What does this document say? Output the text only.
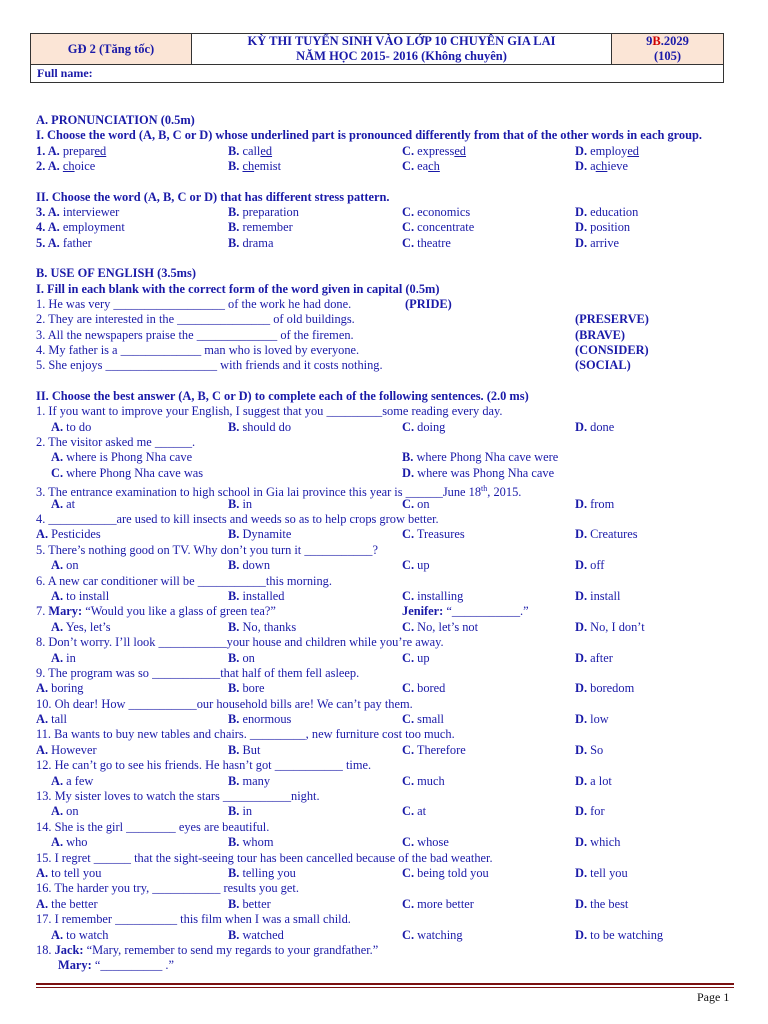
GĐ 2 (Tăng tốc)	
KỲ THI TUYỂN SINH VÀO LỚP 10 CHUYÊN GIA LAI
NĂM HỌC 2015- 2016 (Không chuyên)

9B.2029
(105)

Full name:
A. PRONUNCIATION (0.5m)
I. Choose the word (A, B, C or D) whose underlined part is pronounced differently from that of the other words in each group.
1. A. prepared	B. called	C. expressed	D. employed
2. A. choice	B. chemist	C. each	D. achieve
II. Choose the word (A, B, C or D) that has different stress pattern.
3. A. interviewer	B. preparation	C. economics	D. education
4. A. employment	B. remember	C. concentrate	D. position
5. A. father	B. drama	C. theatre	D. arrive
B. USE OF ENGLISH (3.5ms)
I. Fill in each blank with the correct form of the word given in capital (0.5m)
1. He was very __________________ of the work he had done.	(PRIDE)
2. They are interested in the _______________ of old buildings.	(PRESERVE)
3. All the newspapers praise the _____________ of the firemen.	(BRAVE)
4. My father is a _____________ man who is loved by everyone.	(CONSIDER)
5. She enjoys __________________ with friends and it costs nothing.	(SOCIAL)
II. Choose the best answer (A, B, C or D) to complete each of the following sentences. (2.0 ms)
1. If you want to improve your English, I suggest that you _________some reading every day.
A. to do	B. should do	C. doing	D. done
2. The visitor asked me ______.
A. where is Phong Nha cave	B. where Phong Nha cave were
C. where Phong Nha cave was	D. where was Phong Nha cave
3. The entrance examination to high school in Gia lai province this year is ______June 18th, 2015.
A. at	B. in	C. on	D. from
4. ___________are used to kill insects and weeds so as to help crops grow better.
A. Pesticides	B. Dynamite	C. Treasures	D. Creatures
5. There’s nothing good on TV. Why don’t you turn it ___________?
A. on	B. down	C. up	D. off
6. A new car conditioner will be ___________this morning.
A. to install	B. installed	C. installing	D. install
7. Mary: “Would you like a glass of green tea?”	Jenifer: “___________.”
A. Yes, let’s	B. No, thanks	C. No, let’s not	D. No, I don’t
8. Don’t worry. I’ll look ___________your house and children while you’re away.
A. in	B. on	C. up	D. after
9. The program was so ___________that half of them fell asleep.
A. boring	B. bore	C. bored	D. boredom
10. Oh dear! How ___________our household bills are! We can’t pay them.
A. tall	B. enormous	C. small	D. low
11. Ba wants to buy new tables and chairs. _________, new furniture cost too much.
A. However	B. But	C. Therefore	D. So
12. He can’t go to see his friends. He hasn’t got ___________ time.
A. a few	B. many	C. much	D. a lot
13. My sister loves to watch the stars ___________night.
A. on	B. in	C. at	D. for
14. She is the girl ________ eyes are beautiful.
A. who	B. whom	C. whose	D. which
15. I regret ______ that the sight-seeing tour has been cancelled because of the bad weather.
A. to tell you	B. telling you	C. being told you	D. tell you
16. The harder you try, ___________ results you get.
A. the better	B. better	C. more better	D. the best
17. I remember __________ this film when I was a small child.
A. to watch	B. watched	C. watching	D. to be watching
18. Jack: “Mary, remember to send my regards to your grandfather.”
Mary: “__________ .”
Page 1
